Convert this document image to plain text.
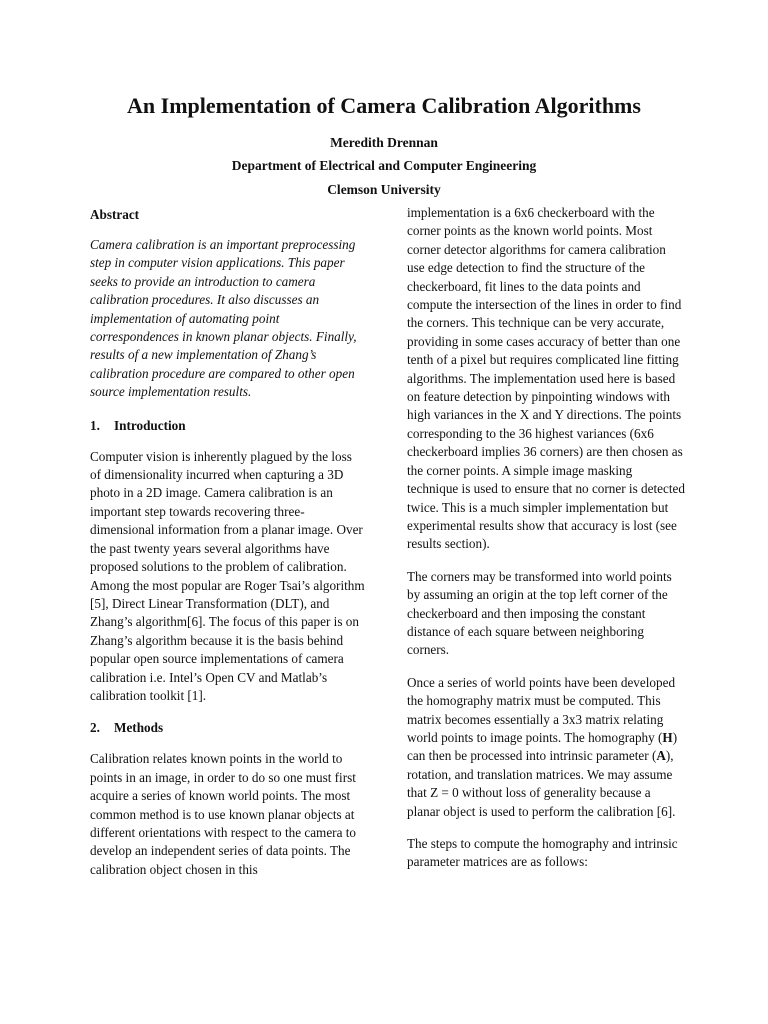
An Implementation of Camera Calibration Algorithms
Meredith Drennan
Department of Electrical and Computer Engineering
Clemson University
Abstract

Camera calibration is an important preprocessing step in computer vision applications. This paper seeks to provide an introduction to camera calibration procedures. It also discusses an implementation of automating point correspondences in known planar objects. Finally, results of a new implementation of Zhang’s calibration procedure are compared to other open source implementation results.

1.	Introduction

Computer vision is inherently plagued by the loss of dimensionality incurred when capturing a 3D photo in a 2D image. Camera calibration is an important step towards recovering three-dimensional information from a planar image. Over the past twenty years several algorithms have proposed solutions to the problem of calibration. Among the most popular are Roger Tsai’s algorithm [5], Direct Linear Transformation (DLT), and Zhang’s algorithm[6]. The focus of this paper is on Zhang’s algorithm because it is the basis behind popular open source implementations of camera calibration i.e. Intel’s Open CV and Matlab’s calibration toolkit [1].

2.	Methods

Calibration relates known points in the world to points in an image, in order to do so one must first acquire a series of known world points. The most common method is to use known planar objects at different orientations with respect to the camera to develop an independent series of data points. The calibration object chosen in this

implementation is a 6x6 checkerboard with the corner points as the known world points. Most corner detector algorithms for camera calibration use edge detection to find the structure of the checkerboard, fit lines to the data points and compute the intersection of the lines in order to find the corners. This technique can be very accurate, providing in some cases accuracy of better than one tenth of a pixel but requires complicated line fitting algorithms. The implementation used here is based on feature detection by pinpointing windows with high variances in the X and Y directions. The points corresponding to the 36 highest variances (6x6 checkerboard implies 36 corners) are then chosen as the corner points. A simple image masking technique is used to ensure that no corner is detected twice. This is a much simpler implementation but experimental results show that accuracy is lost (see results section).

The corners may be transformed into world points by assuming an origin at the top left corner of the checkerboard and then imposing the constant distance of each square between neighboring corners.

Once a series of world points have been developed the homography matrix must be computed. This matrix becomes essentially a 3x3 matrix relating world points to image points. The homography (H) can then be processed into intrinsic parameter (A), rotation, and translation matrices. We may assume that Z = 0 without loss of generality because a planar object is used to perform the calibration [6].

The steps to compute the homography and intrinsic parameter matrices are as follows:
